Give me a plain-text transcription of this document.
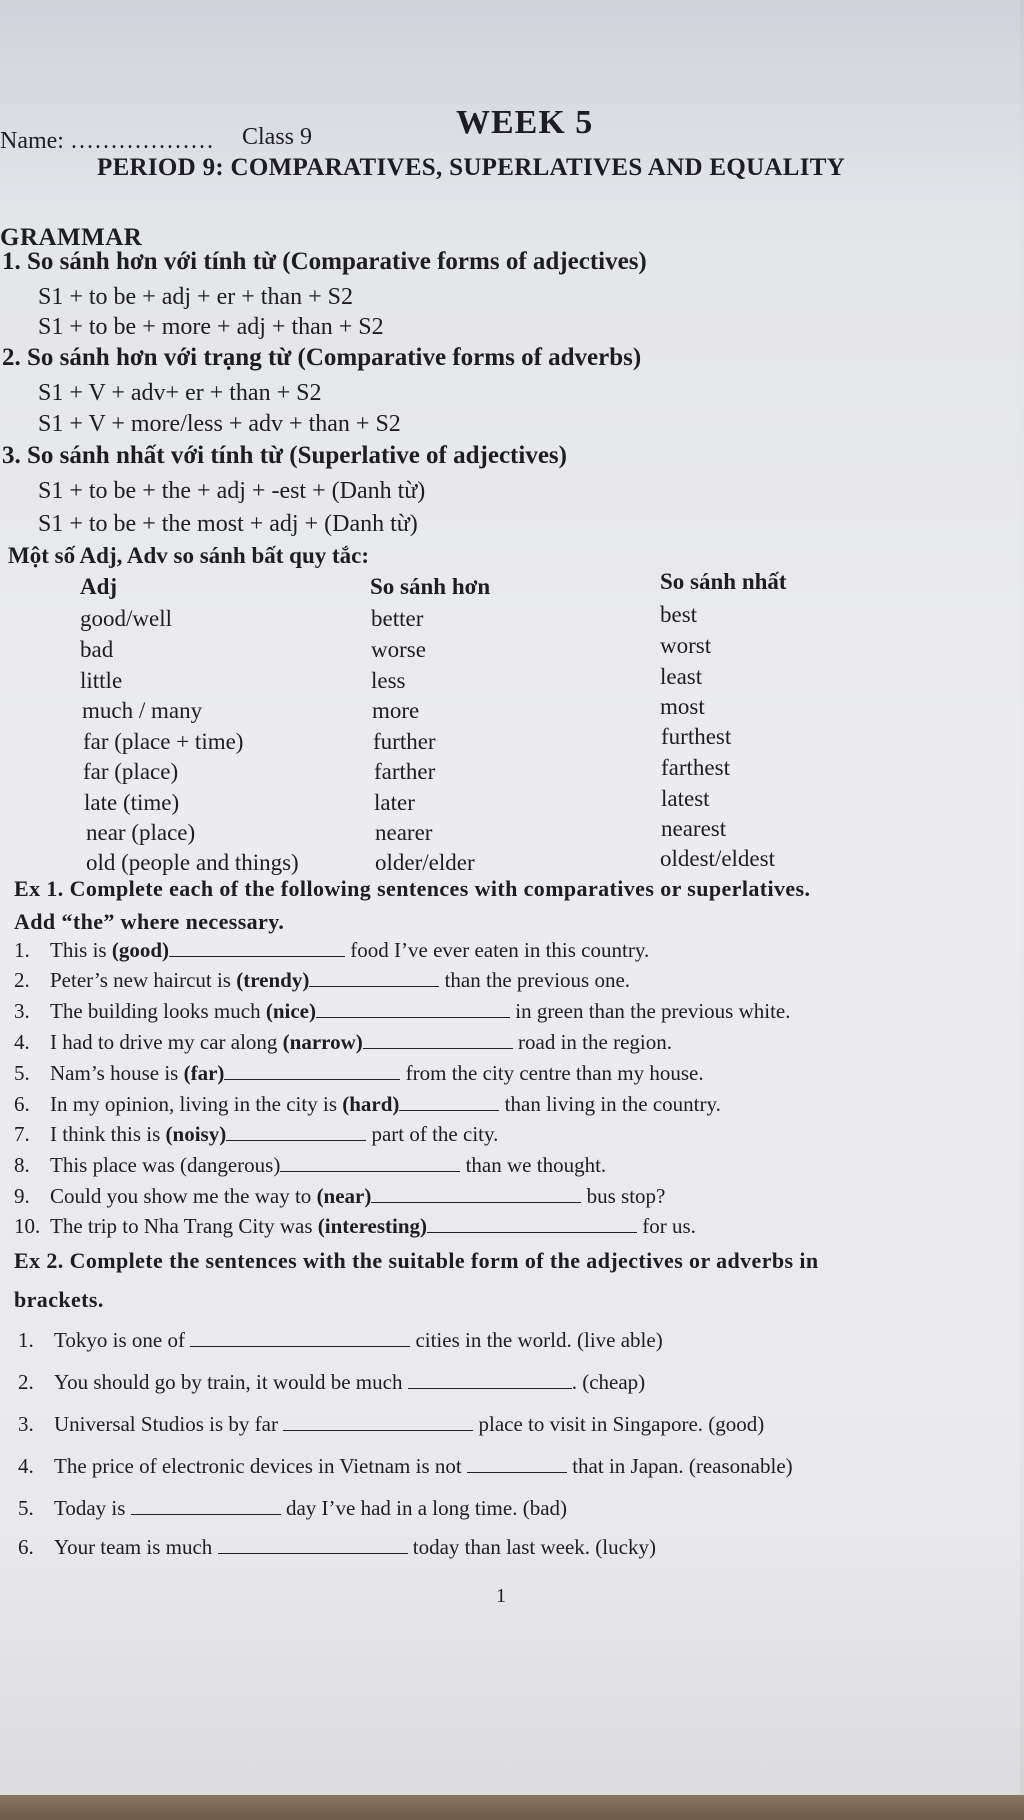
Name: ……………… Class 9	WEEK 5
PERIOD 9: COMPARATIVES, SUPERLATIVES AND EQUALITY
GRAMMAR
1. So sánh hơn với tính từ (Comparative forms of adjectives)
S1 + to be + adj + er + than + S2
S1 + to be + more + adj + than + S2
2. So sánh hơn với trạng từ (Comparative forms of adverbs)
S1 + V + adv+ er + than + S2
S1 + V + more/less + adv + than + S2
3. So sánh nhất với tính từ (Superlative of adjectives)
S1 + to be + the + adj + -est + (Danh từ)
S1 + to be + the most + adj + (Danh từ)
Một số Adj, Adv so sánh bất quy tắc:
Adj	So sánh hơn	So sánh nhất
good/well	better	best
bad	worse	worst
little	less	least
much / many	more	most
far (place + time)	further	furthest
far (place)	farther	farthest
late (time)	later	latest
near (place)	nearer	nearest
old (people and things)	older/elder	oldest/eldest
Ex 1. Complete each of the following sentences with comparatives or superlatives.
Add “the” where necessary.
1. This is (good)	food I’ve ever eaten in this country.
2. Peter’s new haircut is (trendy)	than the previous one.
3. The building looks much (nice)	in green than the previous white.
4. I had to drive my car along (narrow)	road in the region.
5. Nam’s house is (far)	from the city centre than my house.
6. In my opinion, living in the city is (hard)	than living in the country.
7. I think this is (noisy)	part of the city.
8. This place was (dangerous)	than we thought.
9. Could you show me the way to (near)	bus stop?
10. The trip to Nha Trang City was (interesting)	for us.
Ex 2. Complete the sentences with the suitable form of the adjectives or adverbs in
brackets.
1. Tokyo is one of	cities in the world. (live able)
2. You should go by train, it would be much	. (cheap)
3. Universal Studios is by far	place to visit in Singapore. (good)
4. The price of electronic devices in Vietnam is not	that in Japan. (reasonable)
5. Today is	day I’ve had in a long time. (bad)
6. Your team is much	today than last week. (lucky)
1
